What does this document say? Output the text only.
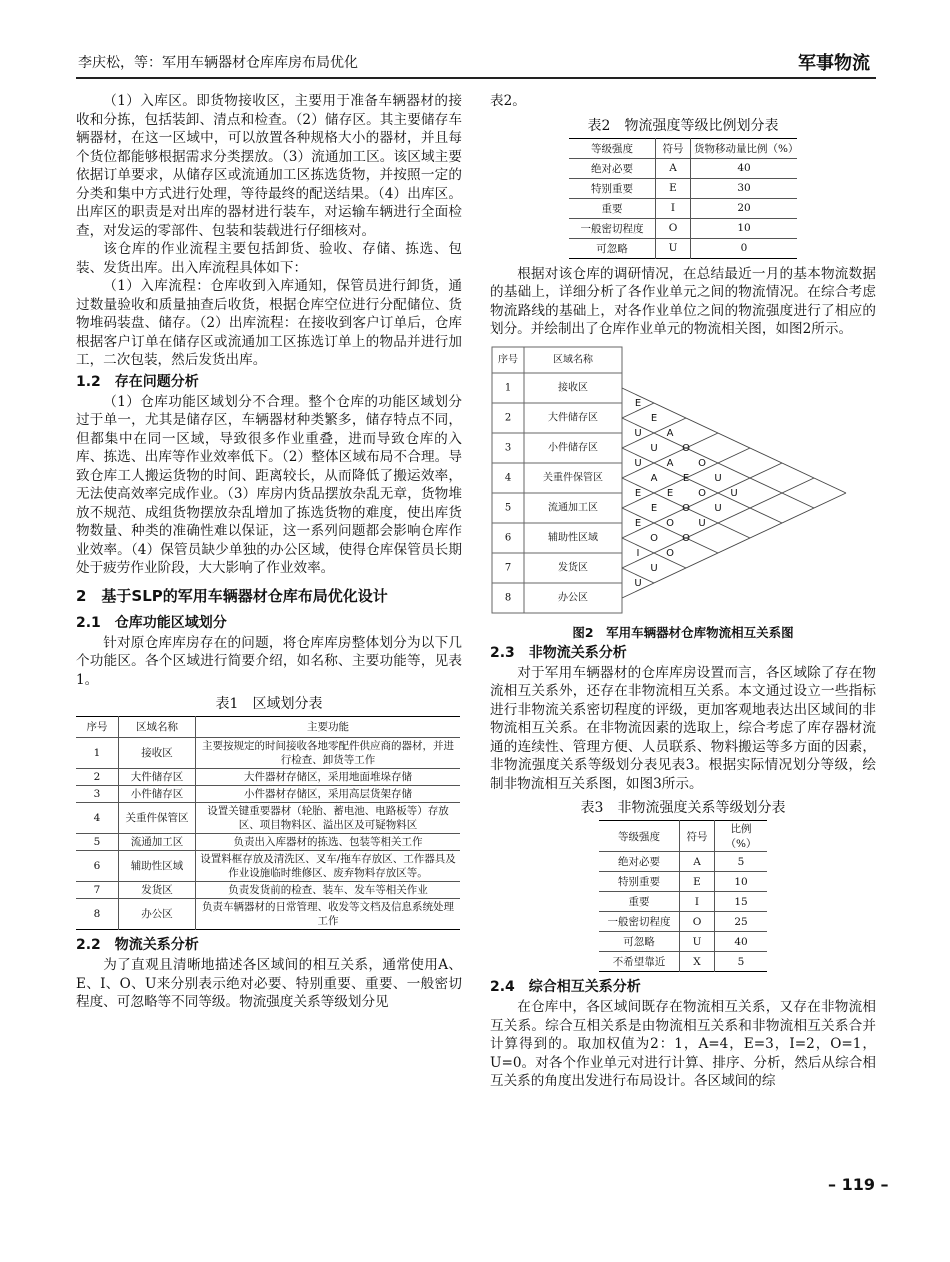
李庆松，等：军用车辆器材仓库库房布局优化	军事物流

（1）入库区。即货物接收区，主要用于准备车辆器材的接收和分拣，包括装卸、清点和检查。（2）储存区。其主要储存车辆器材，在这一区域中，可以放置各种规格大小的器材，并且每个货位都能够根据需求分类摆放。（3）流通加工区。该区域主要依据订单要求，从储存区或流通加工区拣选货物，并按照一定的分类和集中方式进行处理，等待最终的配送结果。（4）出库区。出库区的职责是对出库的器材进行装车，对运输车辆进行全面检查，对发运的零部件、包装和装载进行仔细核对。

该仓库的作业流程主要包括卸货、验收、存储、拣选、包装、发货出库。出入库流程具体如下：

（1）入库流程：仓库收到入库通知，保管员进行卸货，通过数量验收和质量抽查后收货，根据仓库空位进行分配储位、货物堆码装盘、储存。（2）出库流程：在接收到客户订单后，仓库根据客户订单在储存区或流通加工区拣选订单上的物品并进行加工，二次包装，然后发货出库。

1.2　存在问题分析

（1）仓库功能区域划分不合理。整个仓库的功能区域划分过于单一，尤其是储存区，车辆器材种类繁多，储存特点不同，但都集中在同一区域，导致很多作业重叠，进而导致仓库的入库、拣选、出库等作业效率低下。（2）整体区域布局不合理。导致仓库工人搬运货物的时间、距离较长，从而降低了搬运效率，无法使高效率完成作业。（3）库房内货品摆放杂乱无章，货物堆放不规范、成组货物摆放杂乱增加了拣选货物的难度，使出库货物数量、种类的准确性难以保证，这一系列问题都会影响仓库作业效率。（4）保管员缺少单独的办公区域，使得仓库保管员长期处于疲劳作业阶段，大大影响了作业效率。

2　基于SLP的军用车辆器材仓库布局优化设计
2.1　仓库功能区域划分

针对原仓库库房存在的问题，将仓库库房整体划分为以下几个功能区。各个区域进行简要介绍，如名称、主要功能等，见表1。

表1　区域划分表
序号	区域名称	主要功能
1	接收区	主要按规定的时间接收各地零配件供应商的器材，并进行检查、卸货等工作
2	大件储存区	大件器材存储区，采用地面堆垛存储
3	小件储存区	小件器材存储区，采用高层货架存储
4	关重件保管区	设置关键重要器材（轮胎、蓄电池、电路板等）存放区、项目物料区、溢出区及可疑物料区
5	流通加工区	负责出入库器材的拣选、包装等相关工作
6	辅助性区域	设置料框存放及清洗区、叉车/拖车存放区、工作器具及作业设施临时维修区、废弃物料存放区等。
7	发货区	负责发货前的检查、装车、发车等相关作业
8	办公区	负责车辆器材的日常管理、收发等文档及信息系统处理工作
2.2　物流关系分析

为了直观且清晰地描述各区域间的相互关系，通常使用A、E、I、O、U来分别表示绝对必要、特别重要、重要、一般密切程度、可忽略等不同等级。物流强度关系等级划分见

表2。

表2　物流强度等级比例划分表
等级强度	符号	货物移动量比例（%）
绝对必要	A	40
特别重要	E	30
重要	I	20
一般密切程度	O	10
可忽略	U	0

根据对该仓库的调研情况，在总结最近一月的基本物流数据的基础上，详细分析了各作业单元之间的物流情况。在综合考虑物流路线的基础上，对各作业单位之间的物流强度进行了相应的划分。并绘制出了仓库作业单元的物流相关图，如图2所示。

序号	区域名称
1	接收区
2	大件储存区
3	小件储存区
4	关重件保管区
5	流通加工区
6	辅助性区域
7	发货区
8	办公区
E
E
A
O
O
U
U
U
U
A
E
O
U
U
A
E
O
U
E
E
O
O
E
O
O
I
U
U
图2　军用车辆器材仓库物流相互关系图
2.3　非物流关系分析

对于军用车辆器材的仓库库房设置而言，各区域除了存在物流相互关系外，还存在非物流相互关系。本文通过设立一些指标进行非物流关系密切程度的评级，更加客观地表达出区域间的非物流相互关系。在非物流因素的选取上，综合考虑了库存器材流通的连续性、管理方便、人员联系、物料搬运等多方面的因素，非物流强度关系等级划分表见表3。根据实际情况划分等级，绘制非物流相互关系图，如图3所示。

表3　非物流强度关系等级划分表
等级强度	符号	比例（%）
绝对必要	A	5
特别重要	E	10
重要	I	15
一般密切程度	O	25
可忽略	U	40
不希望靠近	X	5
2.4　综合相互关系分析

在仓库中，各区域间既存在物流相互关系，又存在非物流相互关系。综合互相关系是由物流相互关系和非物流相互关系合并计算得到的。取加权值为2：1，A=4，E=3，I=2，O=1，U=0。对各个作业单元对进行计算、排序、分析，然后从综合相互关系的角度出发进行布局设计。各区域间的综

– 119 –
